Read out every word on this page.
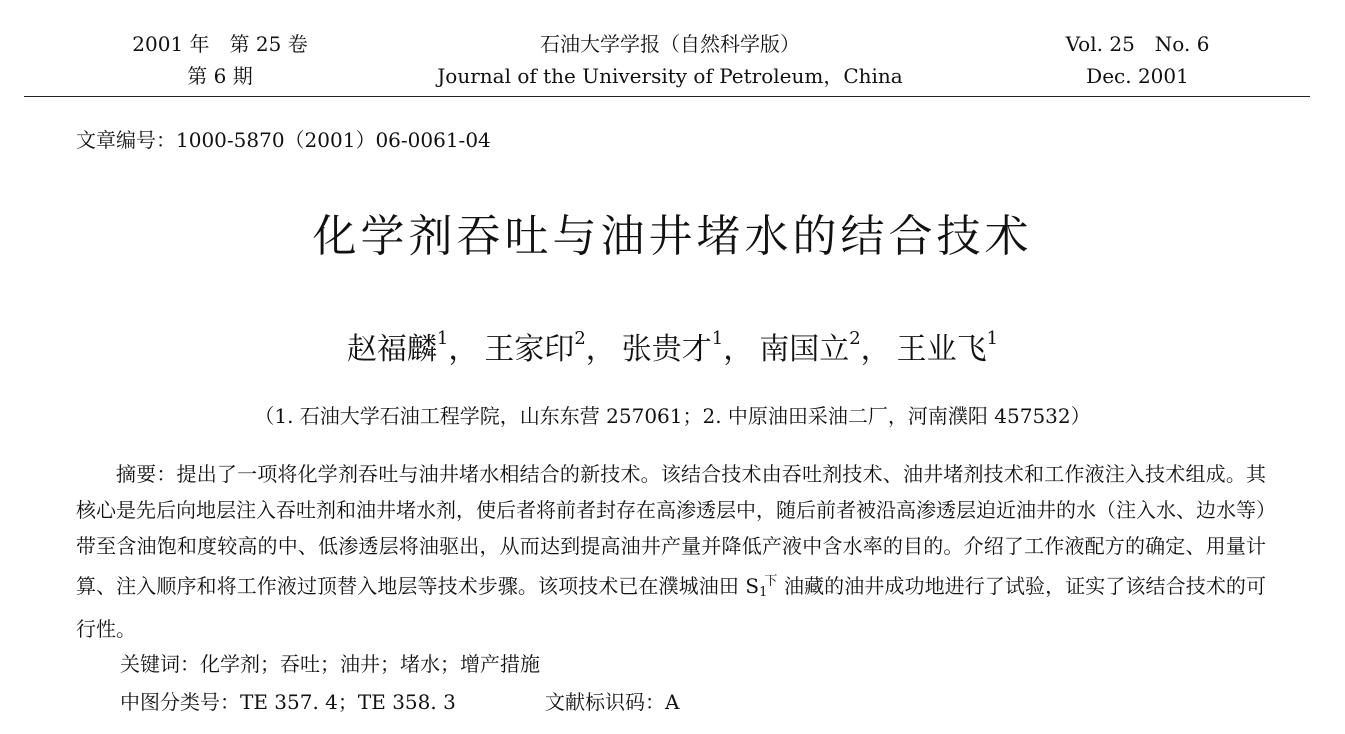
2001 年　第 25 卷
第 6 期
石油大学学报（自然科学版）
Journal of the University of Petroleum，China
Vol. 25　No. 6
Dec. 2001
文章编号：1000-5870（2001）06-0061-04
化学剂吞吐与油井堵水的结合技术
赵福麟$^1$， 王家印$^2$， 张贵才$^1$， 南国立$^2$， 王业飞$^1$
（1. 石油大学石油工程学院，山东东营 257061；2. 中原油田采油二厂，河南濮阳 457532）

摘要：提出了一项将化学剂吞吐与油井堵水相结合的新技术。该结合技术由吞吐剂技术、油井堵剂技术和工作液注入技术组成。其核心是先后向地层注入吞吐剂和油井堵水剂，使后者将前者封存在高渗透层中，随后前者被沿高渗透层迫近油井的水（注入水、边水等）带至含油饱和度较高的中、低渗透层将油驱出，从而达到提高油井产量并降低产液中含水率的目的。介绍了工作液配方的确定、用量计算、注入顺序和将工作液过顶替入地层等技术步骤。该项技术已在濮城油田 $S1^下$ 油藏的油井成功地进行了试验，证实了该结合技术的可行性。

关键词：化学剂；吞吐；油井；堵水；增产措施
中图分类号：TE 357. 4；TE 358. 3	文献标识码：A
